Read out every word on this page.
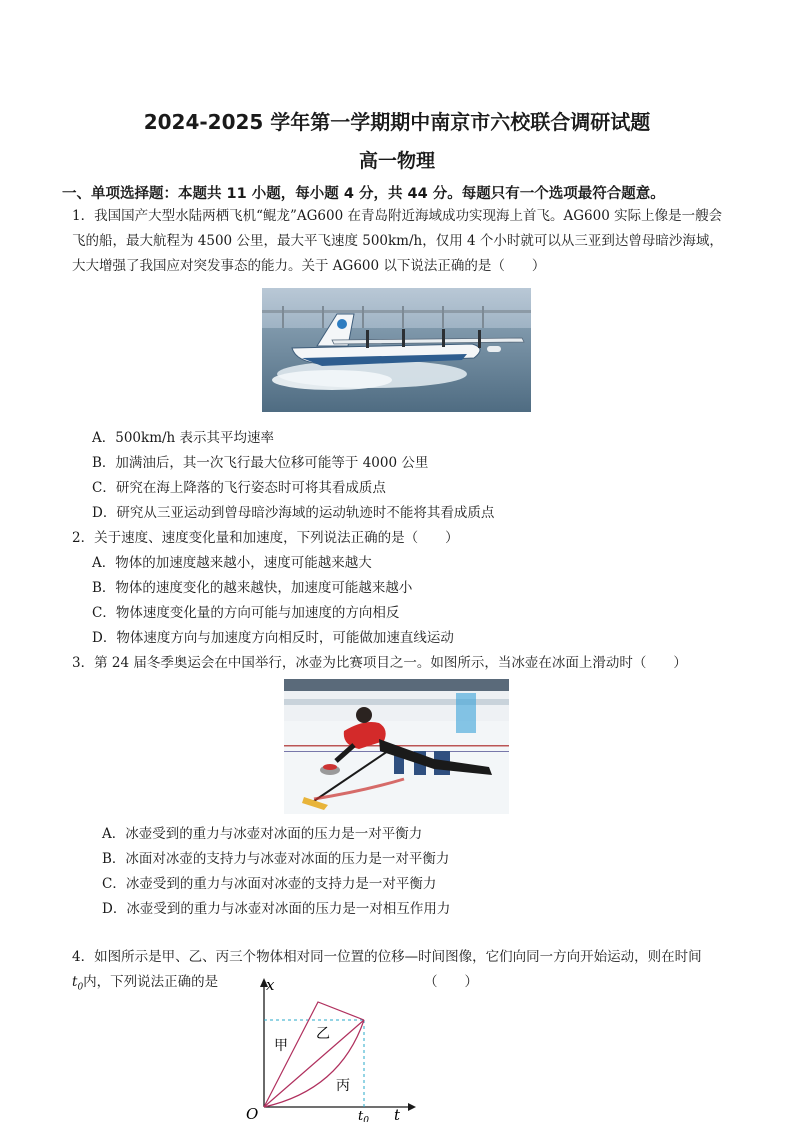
2024-2025 学年第一学期期中南京市六校联合调研试题
高一物理
一、单项选择题：本题共 11 小题，每小题 4 分，共 44 分。每题只有一个选项最符合题意。
1．我国国产大型水陆两栖飞机“鲲龙”AG600 在青岛附近海域成功实现海上首飞。AG600 实际上像是一艘会
飞的船，最大航程为 4500 公里，最大平飞速度 500km/h，仅用 4 个小时就可以从三亚到达曾母暗沙海域，
大大增强了我国应对突发事态的能力。关于 AG600 以下说法正确的是（　　）
A．500km/h 表示其平均速率
B．加满油后，其一次飞行最大位移可能等于 4000 公里
C．研究在海上降落的飞行姿态时可将其看成质点
D．研究从三亚运动到曾母暗沙海域的运动轨迹时不能将其看成质点
2．关于速度、速度变化量和加速度，下列说法正确的是（　　）
A．物体的加速度越来越小，速度可能越来越大
B．物体的速度变化的越来越快，加速度可能越来越小
C．物体速度变化量的方向可能与加速度的方向相反
D．物体速度方向与加速度方向相反时，可能做加速直线运动
3．第 24 届冬季奥运会在中国举行，冰壶为比赛项目之一。如图所示，当冰壶在冰面上滑动时（　　）
A．冰壶受到的重力与冰壶对冰面的压力是一对平衡力
B．冰面对冰壶的支持力与冰壶对冰面的压力是一对平衡力
C．冰壶受到的重力与冰面对冰壶的支持力是一对平衡力
D．冰壶受到的重力与冰壶对冰面的压力是一对相互作用力
4．如图所示是甲、乙、丙三个物体相对同一位置的位移—时间图像，它们向同一方向开始运动，则在时间
$t_0$内，下列说法正确的是	（　　）
x
t
O	$t_0$
甲
乙
丙
